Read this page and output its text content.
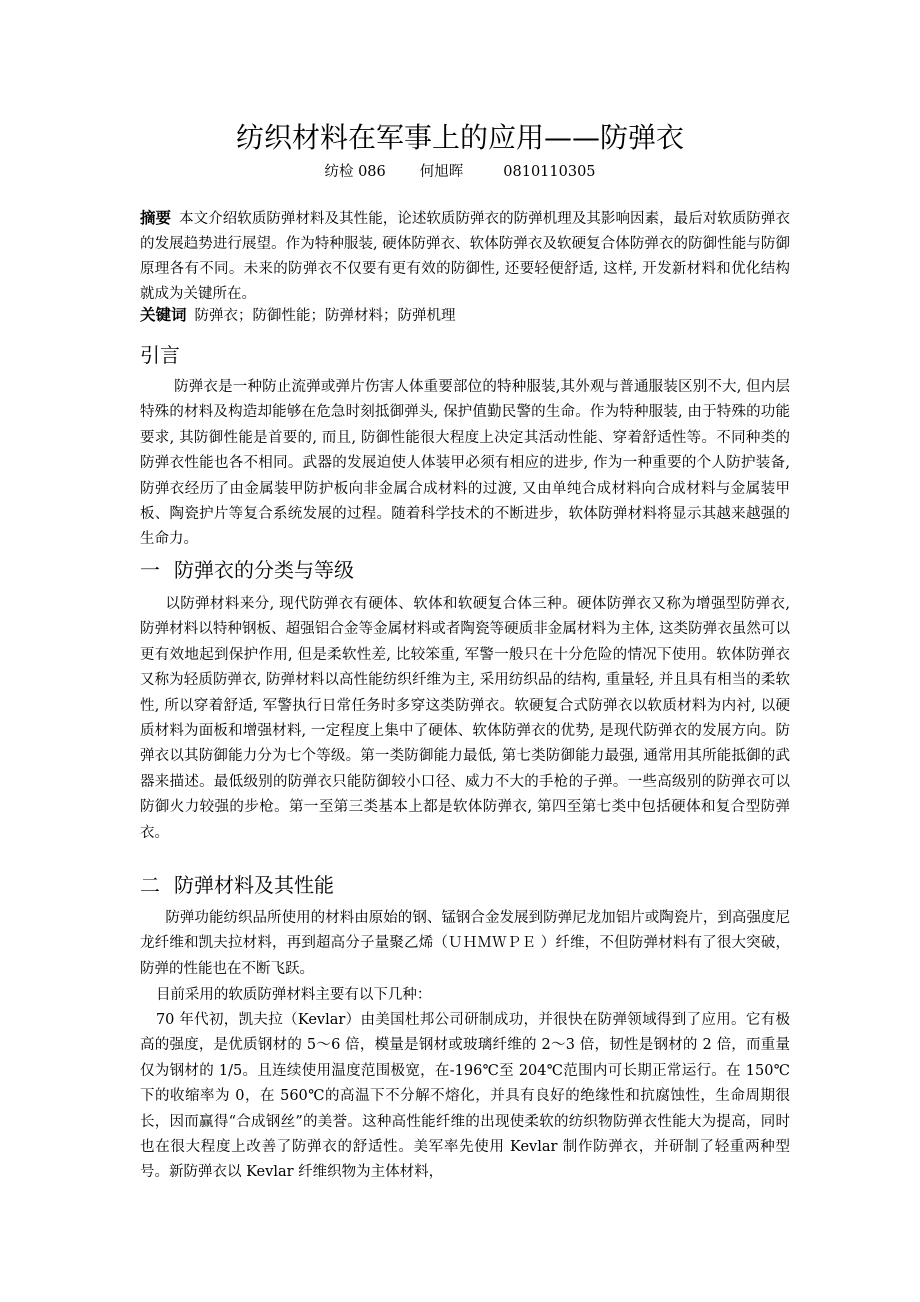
纺织材料在军事上的应用——防弹衣
纺检 086 何旭晖	0810110305

摘要 本文介绍软质防弹材料及其性能，论述软质防弹衣的防弹机理及其影响因素，最后对软质防弹衣的发展趋势进行展望。作为特种服装, 硬体防弹衣、软体防弹衣及软硬复合体防弹衣的防御性能与防御原理各有不同。未来的防弹衣不仅要有更有效的防御性, 还要轻便舒适, 这样, 开发新材料和优化结构就成为关键所在。

关键词 防弹衣；防御性能；防弹材料；防弹机理

引言

防弹衣是一种防止流弹或弹片伤害人体重要部位的特种服装,其外观与普通服装区别不大, 但内层特殊的材料及构造却能够在危急时刻抵御弹头, 保护值勤民警的生命。作为特种服装, 由于特殊的功能要求, 其防御性能是首要的, 而且, 防御性能很大程度上决定其活动性能、穿着舒适性等。不同种类的防弹衣性能也各不相同。武器的发展迫使人体装甲必须有相应的进步, 作为一种重要的个人防护装备, 防弹衣经历了由金属装甲防护板向非金属合成材料的过渡, 又由单纯合成材料向合成材料与金属装甲板、陶瓷护片等复合系统发展的过程。随着科学技术的不断进步，软体防弹材料将显示其越来越强的生命力。

一 防弹衣的分类与等级

以防弹材料来分, 现代防弹衣有硬体、软体和软硬复合体三种。硬体防弹衣又称为增强型防弹衣, 防弹材料以特种钢板、超强铝合金等金属材料或者陶瓷等硬质非金属材料为主体, 这类防弹衣虽然可以更有效地起到保护作用, 但是柔软性差, 比较笨重, 军警一般只在十分危险的情况下使用。软体防弹衣又称为轻质防弹衣, 防弹材料以高性能纺织纤维为主, 采用纺织品的结构, 重量轻, 并且具有相当的柔软性, 所以穿着舒适, 军警执行日常任务时多穿这类防弹衣。软硬复合式防弹衣以软质材料为内衬, 以硬质材料为面板和增强材料, 一定程度上集中了硬体、软体防弹衣的优势, 是现代防弹衣的发展方向。防弹衣以其防御能力分为七个等级。第一类防御能力最低, 第七类防御能力最强, 通常用其所能抵御的武器来描述。最低级别的防弹衣只能防御较小口径、威力不大的手枪的子弹。一些高级别的防弹衣可以防御火力较强的步枪。第一至第三类基本上都是软体防弹衣, 第四至第七类中包括硬体和复合型防弹衣。

二 防弹材料及其性能

防弹功能纺织品所使用的材料由原始的钢、锰钢合金发展到防弹尼龙加铝片或陶瓷片，到高强度尼龙纤维和凯夫拉材料，再到超高分子量聚乙烯（ＵＨＭＷＰＥ ）纤维，不但防弹材料有了很大突破，防弹的性能也在不断飞跃。

目前采用的软质防弹材料主要有以下几种：

70 年代初，凯夫拉（Kevlar）由美国杜邦公司研制成功，并很快在防弹领域得到了应用。它有极高的强度，是优质钢材的 5～6 倍，模量是钢材或玻璃纤维的 2～3 倍，韧性是钢材的 2 倍，而重量仅为钢材的 1/5。且连续使用温度范围极宽，在-196℃至 204℃范围内可长期正常运行。在 150℃下的收缩率为 0，在 560℃的高温下不分解不熔化，并具有良好的绝缘性和抗腐蚀性，生命周期很长，因而赢得“合成钢丝”的美誉。这种高性能纤维的出现使柔软的纺织物防弹衣性能大为提高，同时也在很大程度上改善了防弹衣的舒适性。美军率先使用 Kevlar 制作防弹衣，并研制了轻重两种型号。新防弹衣以 Kevlar 纤维织物为主体材料，
